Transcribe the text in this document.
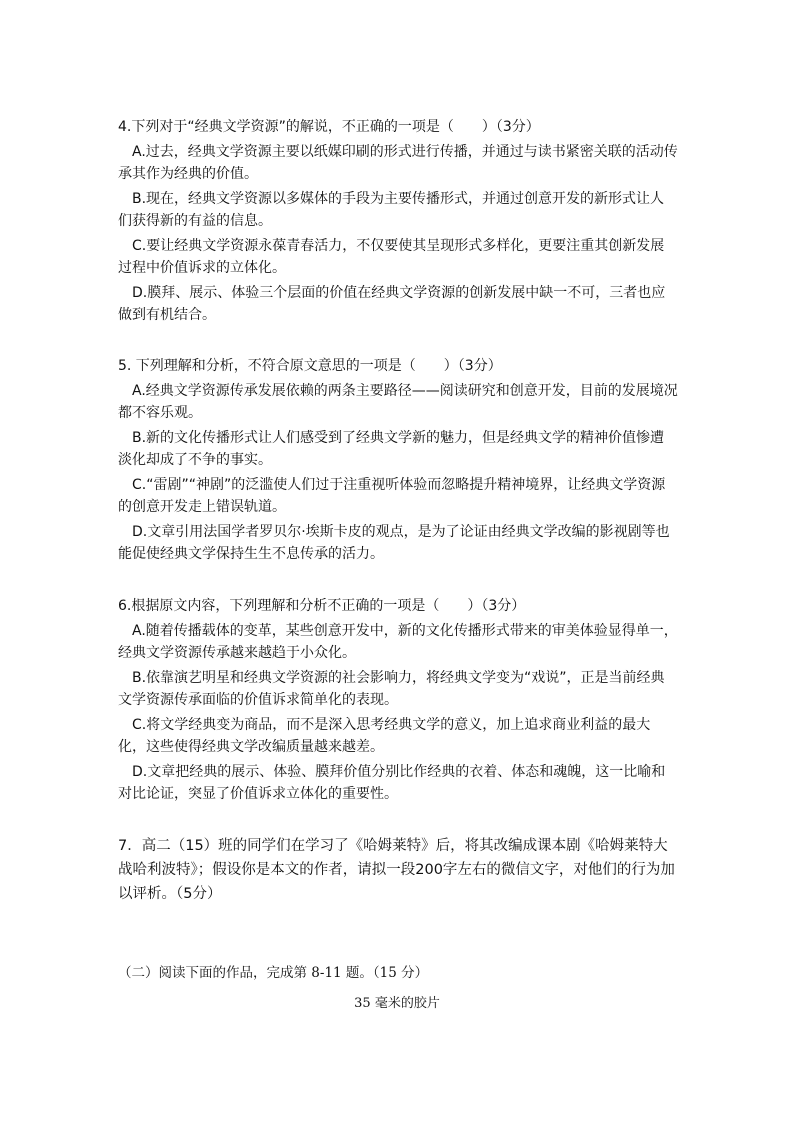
4.下列对于“经典文学资源”的解说，不正确的一项是（　　）（3分）

A.过去，经典文学资源主要以纸媒印刷的形式进行传播，并通过与读书紧密关联的活动传承其作为经典的价值。

B.现在，经典文学资源以多媒体的手段为主要传播形式，并通过创意开发的新形式让人们获得新的有益的信息。

C.要让经典文学资源永葆青春活力，不仅要使其呈现形式多样化，更要注重其创新发展过程中价值诉求的立体化。

D.膜拜、展示、体验三个层面的价值在经典文学资源的创新发展中缺一不可，三者也应做到有机结合。

5. 下列理解和分析，不符合原文意思的一项是（　　）（3分）

A.经典文学资源传承发展依赖的两条主要路径——阅读研究和创意开发，目前的发展境况都不容乐观。

B.新的文化传播形式让人们感受到了经典文学新的魅力，但是经典文学的精神价值惨遭淡化却成了不争的事实。

C.“雷剧”“神剧”的泛滥使人们过于注重视听体验而忽略提升精神境界，让经典文学资源的创意开发走上错误轨道。

D.文章引用法国学者罗贝尔·埃斯卡皮的观点，是为了论证由经典文学改编的影视剧等也能促使经典文学保持生生不息传承的活力。

6.根据原文内容，下列理解和分析不正确的一项是（　　）（3分）

A.随着传播载体的变革，某些创意开发中，新的文化传播形式带来的审美体验显得单一，经典文学资源传承越来越趋于小众化。

B.依靠演艺明星和经典文学资源的社会影响力，将经典文学变为“戏说”，正是当前经典文学资源传承面临的价值诉求简单化的表现。

C.将文学经典变为商品，而不是深入思考经典文学的意义，加上追求商业利益的最大化，这些使得经典文学改编质量越来越差。

D.文章把经典的展示、体验、膜拜价值分别比作经典的衣着、体态和魂魄，这一比喻和对比论证，突显了价值诉求立体化的重要性。

7．高二（15）班的同学们在学习了《哈姆莱特》后，将其改编成课本剧《哈姆莱特大战哈利波特》；假设你是本文的作者，请拟一段200字左右的微信文字，对他们的行为加以评析。（5分）

（二）阅读下面的作品，完成第 8-11 题。（15 分）
35 毫米的胶片
